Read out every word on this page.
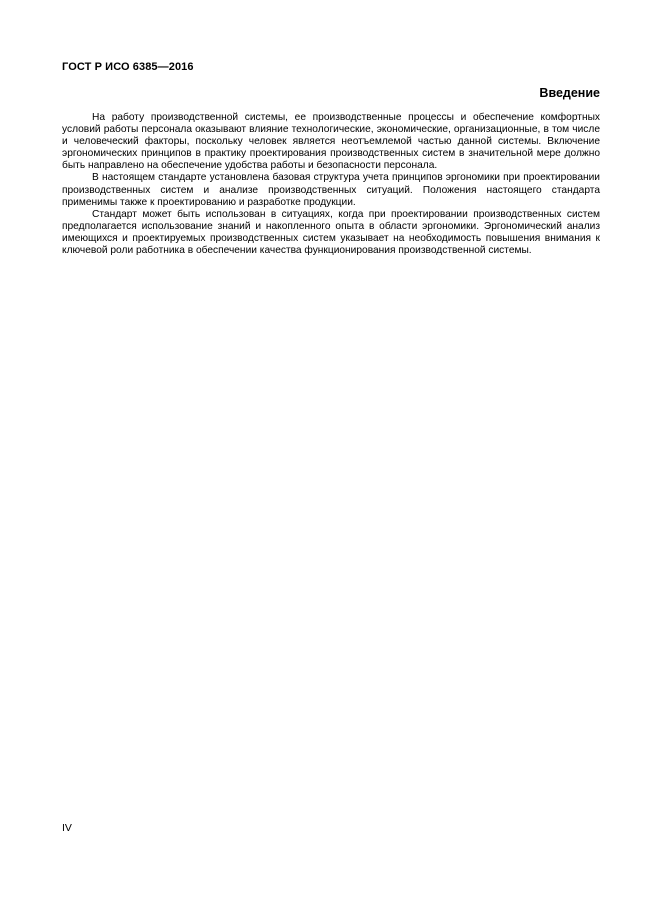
ГОСТ Р ИСО 6385—2016
Введение

На работу производственной системы, ее производственные процессы и обеспечение комфортных условий работы персонала оказывают влияние технологические, экономические, организационные, в том числе и человеческий факторы, поскольку человек является неотъемлемой частью данной системы. Включение эргономических принципов в практику проектирования производственных систем в значительной мере должно быть направлено на обеспечение удобства работы и безопасности персонала.

В настоящем стандарте установлена базовая структура учета принципов эргономики при проектировании производственных систем и анализе производственных ситуаций. Положения настоящего стандарта применимы также к проектированию и разработке продукции.

Стандарт может быть использован в ситуациях, когда при проектировании производственных систем предполагается использование знаний и накопленного опыта в области эргономики. Эргономический анализ имеющихся и проектируемых производственных систем указывает на необходимость повышения внимания к ключевой роли работника в обеспечении качества функционирования производственной системы.

IV
